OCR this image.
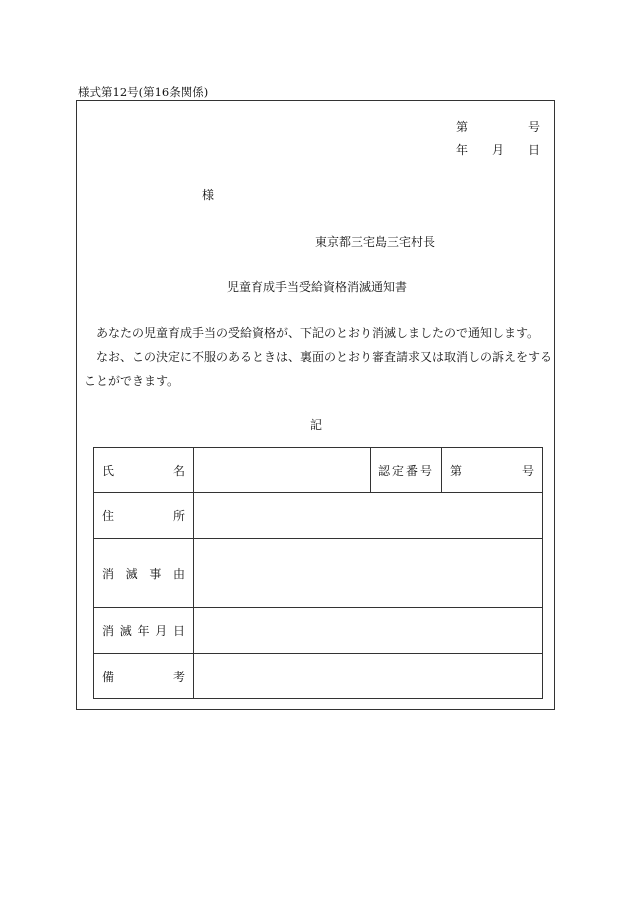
様式第12号(第16条関係)
第	号
年 月 日
様
東京都三宅島三宅村長
児童育成手当受給資格消滅通知書

あなたの児童育成手当の受給資格が、下記のとおり消滅しましたので通知します。

なお、この決定に不服のあるときは、裏面のとおり審査請求又は取消しの訴えをすることができます。

記
氏 名		認定番号	第 号

住 所			

消 滅 事 由			

消 滅 年 月 日			

備 考			
